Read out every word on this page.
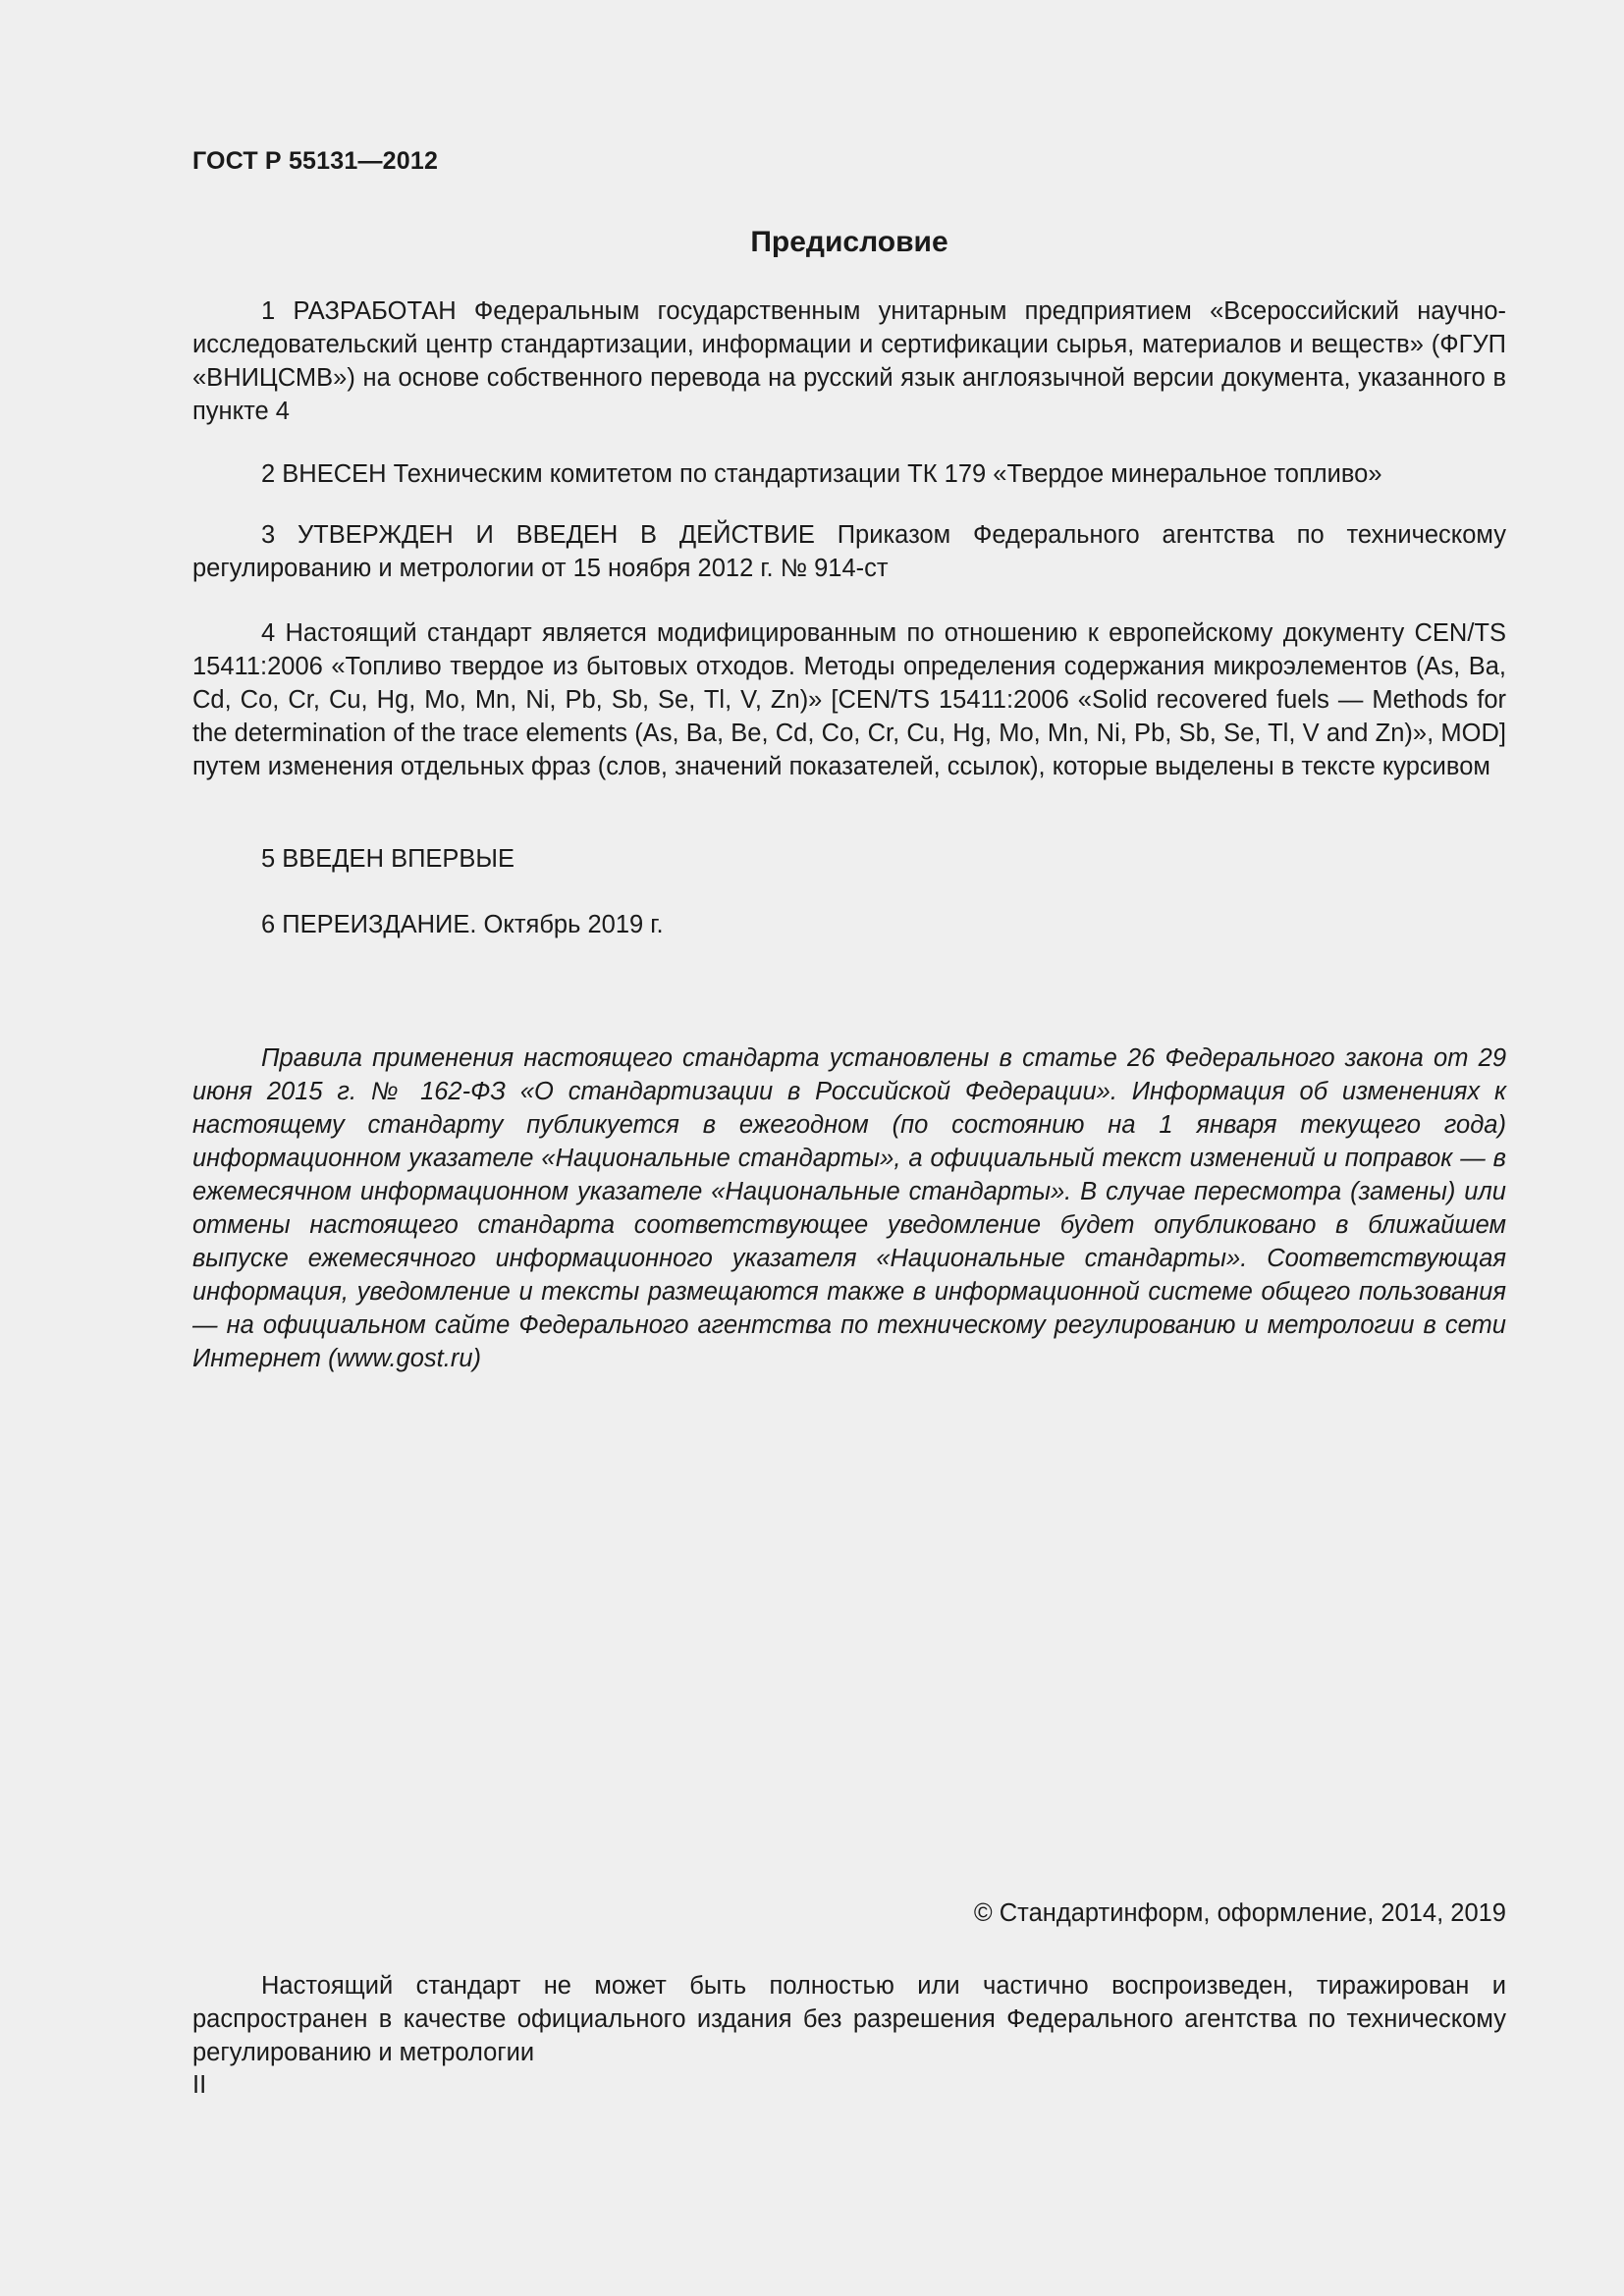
ГОСТ Р 55131—2012
Предисловие

1 РАЗРАБОТАН Федеральным государственным унитарным предприятием «Всероссийский научно-исследовательский центр стандартизации, информации и сертификации сырья, материалов и веществ» (ФГУП «ВНИЦСМВ») на основе собственного перевода на русский язык англоязычной версии документа, указанного в пункте 4

2 ВНЕСЕН Техническим комитетом по стандартизации ТК 179 «Твердое минеральное топливо»

3 УТВЕРЖДЕН И ВВЕДЕН В ДЕЙСТВИЕ Приказом Федерального агентства по техническому регулированию и метрологии от 15 ноября 2012 г. № 914-ст

4 Настоящий стандарт является модифицированным по отношению к европейскому документу CEN/TS 15411:2006 «Топливо твердое из бытовых отходов. Методы определения содержания микроэлементов (As, Ba, Cd, Co, Cr, Cu, Hg, Mo, Mn, Ni, Pb, Sb, Se, Tl, V, Zn)» [CEN/TS 15411:2006 «Solid recovered fuels — Methods for the determination of the trace elements (As, Ba, Be, Cd, Co, Cr, Cu, Hg, Mo, Mn, Ni, Pb, Sb, Se, Tl, V and Zn)», MOD] путем изменения отдельных фраз (слов, значений показателей, ссылок), которые выделены в тексте курсивом

5 ВВЕДЕН ВПЕРВЫЕ

6 ПЕРЕИЗДАНИЕ. Октябрь 2019 г.

Правила применения настоящего стандарта установлены в статье 26 Федерального закона от 29 июня 2015 г. № 162-ФЗ «О стандартизации в Российской Федерации». Информация об изменениях к настоящему стандарту публикуется в ежегодном (по состоянию на 1 января текущего года) информационном указателе «Национальные стандарты», а официальный текст изменений и поправок — в ежемесячном информационном указателе «Национальные стандарты». В случае пересмотра (замены) или отмены настоящего стандарта соответствующее уведомление будет опубликовано в ближайшем выпуске ежемесячного информационного указателя «Национальные стандарты». Соответствующая информация, уведомление и тексты размещаются также в информационной системе общего пользования — на официальном сайте Федерального агентства по техническому регулированию и метрологии в сети Интернет (www.gost.ru)

© Стандартинформ, оформление, 2014, 2019

Настоящий стандарт не может быть полностью или частично воспроизведен, тиражирован и распространен в качестве официального издания без разрешения Федерального агентства по техническому регулированию и метрологии

II
